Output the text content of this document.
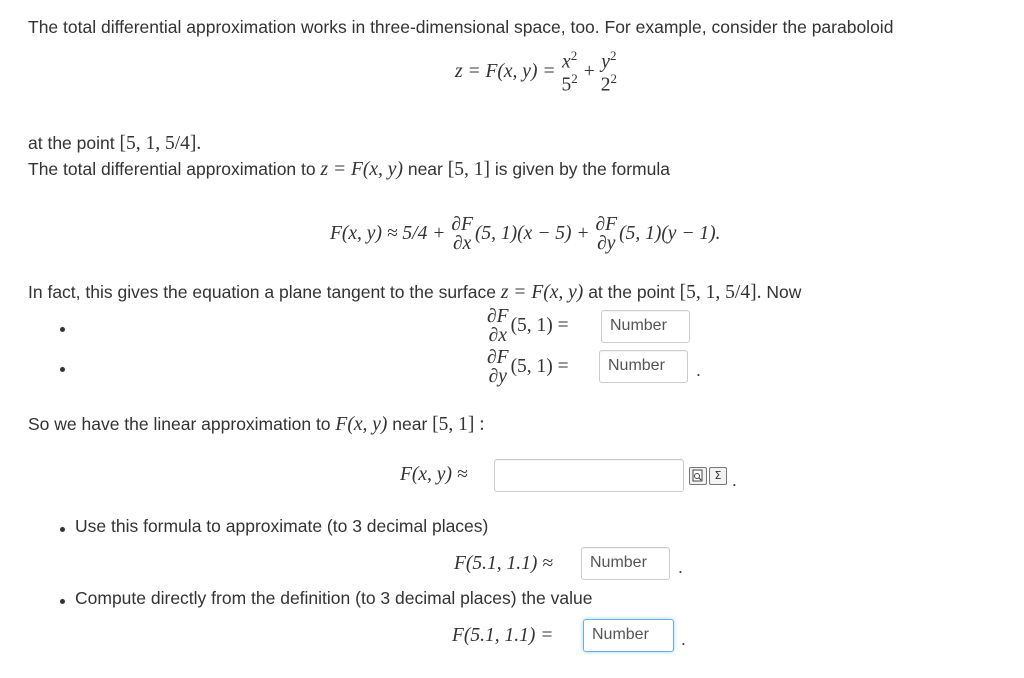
The total differential approximation works in three-dimensional space, too. For example, consider the paraboloid
z = F(x, $y) = x^2$
$5^2 + y^2$
$2^2$
at the point [5, 1, 5/4].
The total differential approximation to z = F(x, y) near [5, 1] is given by the formula
F(x, y) ≈ 5/4 + ∂F
∂x (5, 1)(x − 5) + ∂F
∂y (5, 1)(y − 1).
In fact, this gives the equation a plane tangent to the surface z = F(x, y) at the point [5, 1, 5/4]. Now
∂F
∂x (5, 1) =	Number
∂F
∂y (5, 1) =	Number	.
So we have the linear approximation to F(x, y) near [5, 1] :
F(x, y) ≈	Σ .
Use this formula to approximate (to 3 decimal places)
F(5.1, 1.1) ≈	Number	.
Compute directly from the definition (to 3 decimal places) the value
F(5.1, 1.1) =	Number	.
